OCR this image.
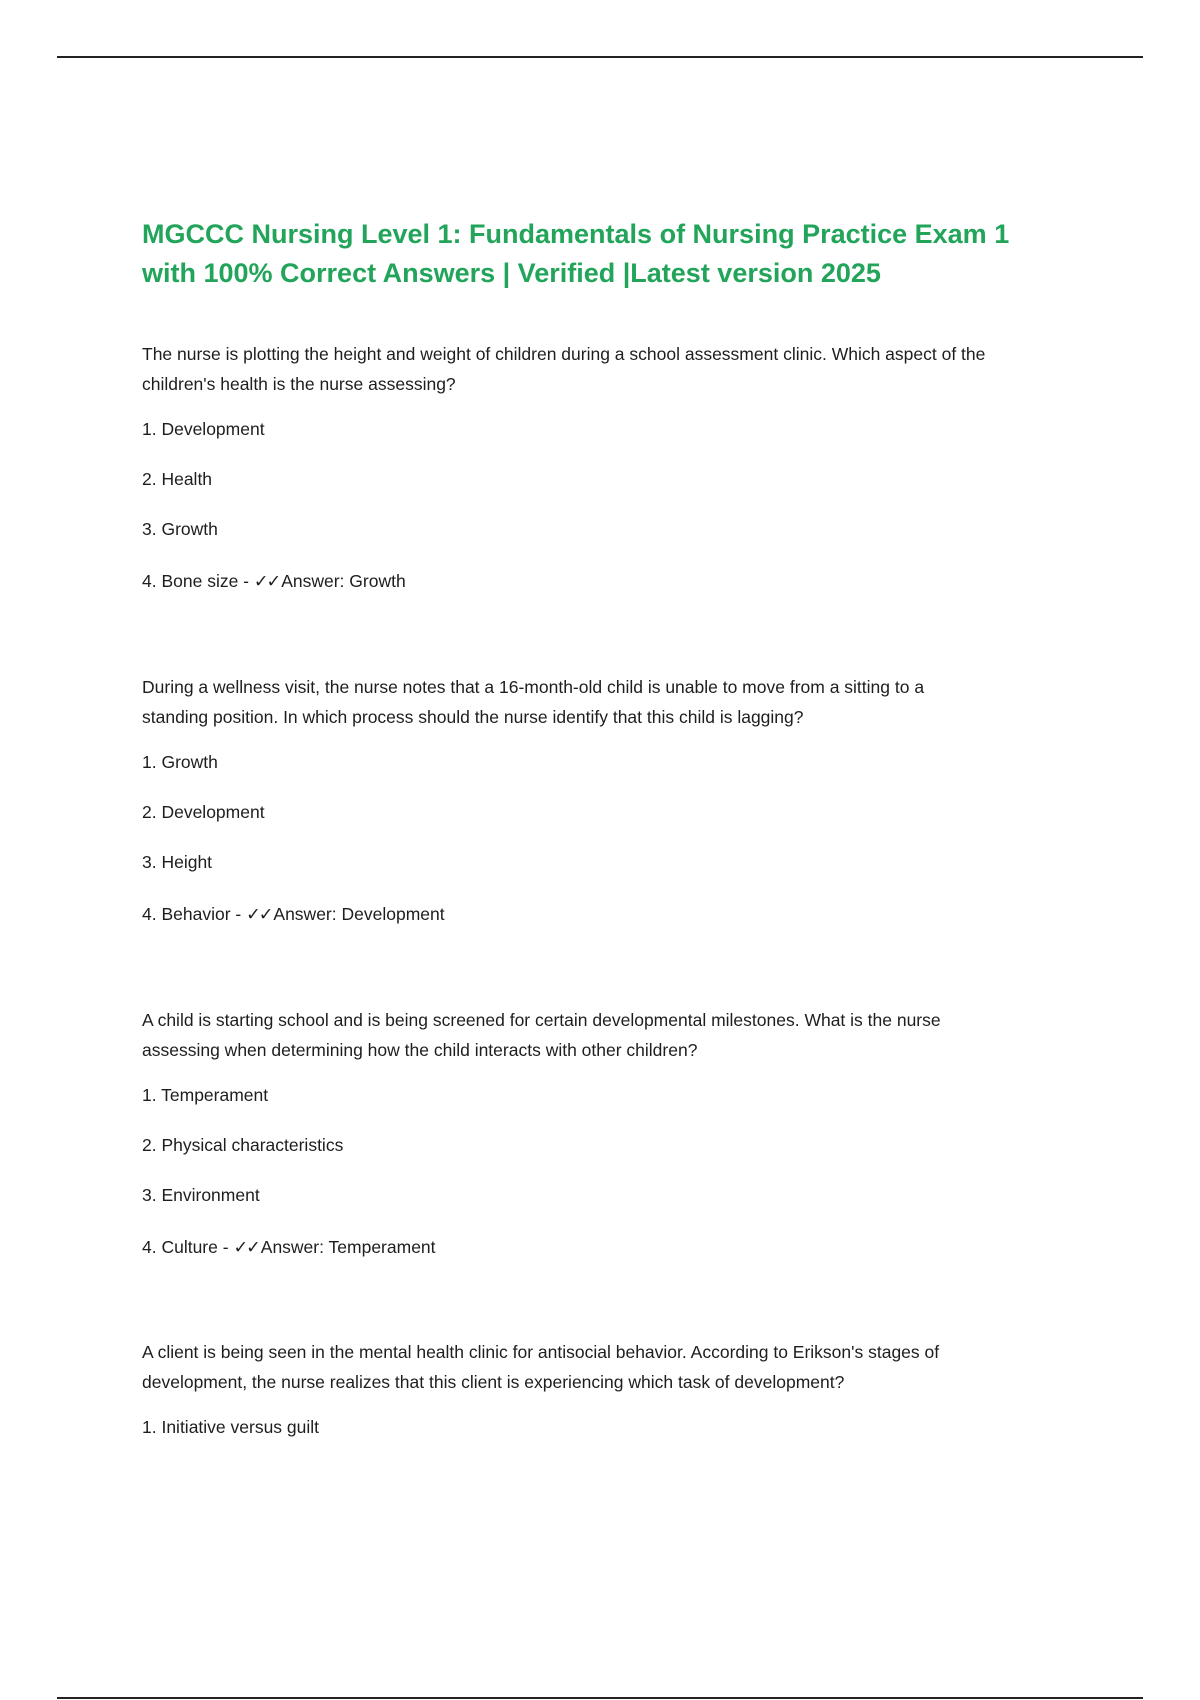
MGCCC Nursing Level 1: Fundamentals of Nursing Practice Exam 1
with 100% Correct Answers | Verified |Latest version 2025

The nurse is plotting the height and weight of children during a school assessment clinic. Which aspect of the
children's health is the nurse assessing?

1. Development

2. Health

3. Growth

4. Bone size - ✓✓ Answer: Growth

During a wellness visit, the nurse notes that a 16-month-old child is unable to move from a sitting to a
standing position. In which process should the nurse identify that this child is lagging?

1. Growth

2. Development

3. Height

4. Behavior - ✓✓ Answer: Development

A child is starting school and is being screened for certain developmental milestones. What is the nurse
assessing when determining how the child interacts with other children?

1. Temperament

2. Physical characteristics

3. Environment

4. Culture - ✓✓ Answer: Temperament

A client is being seen in the mental health clinic for antisocial behavior. According to Erikson's stages of
development, the nurse realizes that this client is experiencing which task of development?

1. Initiative versus guilt
